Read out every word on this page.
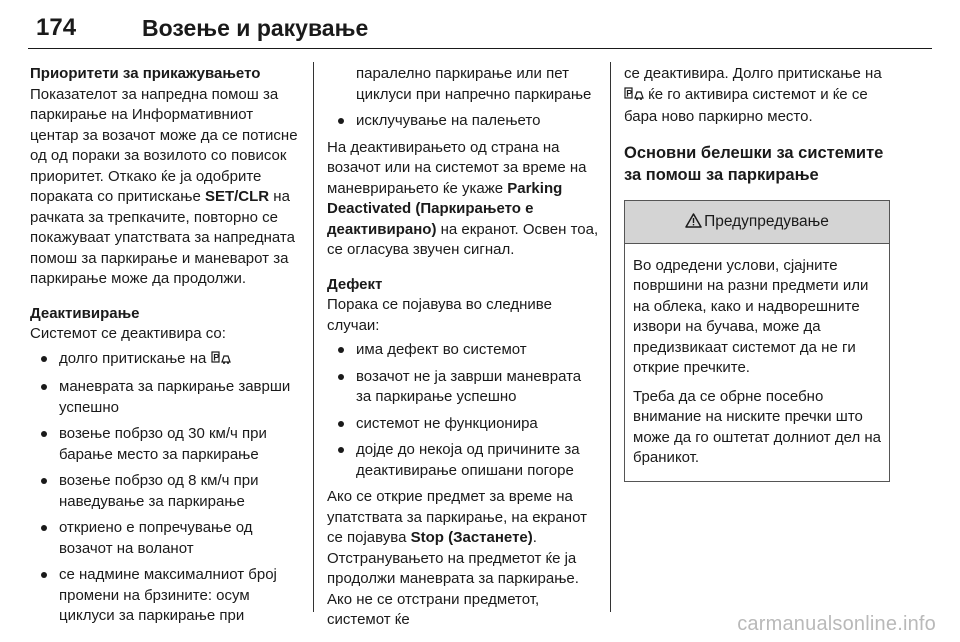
174	Возење и ракување

Приоритети за прикажувањето

Показателот за напредна помош за паркирање на Информативниот центар за возачот може да се потисне од од пораки за возилото со повисок приоритет. Откако ќе ја одобрите пораката со притискање SET/CLR на рачката за трепкачите, повторно се покажуваат упатствата за напредната помош за паркирање и маневарот за паркирање може да продолжи.

Деактивирање

Системот се деактивира со:

долго притискање на P
маневрата за паркирање заврши успешно
возење побрзо од 30 км/ч при барање место за паркирање
возење побрзо од 8 км/ч при наведување за паркирање
откриено е попречување од возачот на воланот
се надмине максималниот број промени на брзините: осум циклуси за паркирање при

паралелно паркирање или пет циклуси при напречно паркирање

исклучување на палењето

На деактивирањето од страна на возачот или на системот за време на маневрирањето ќе укаже Parking Deactivated (Паркирањето е деактивирано) на екранот. Освен тоа, се огласува звучен сигнал.

Дефект

Порака се појавува во следниве случаи:

има дефект во системот
возачот не ја заврши маневрата за паркирање успешно
системот не функционира
дојде до некоја од причините за деактивирање опишани погоре

Ако се открие предмет за време на упатствата за паркирање, на екранот се појавува Stop (Застанете). Отстранувањето на предметот ќе ја продолжи маневрата за паркирање. Ако не се отстрани предметот, системот ќе

се деактивира. Долго притискање на
P ќе го активира системот и ќе се бара ново паркирно место.

Основни белешки за системите за помош за паркирање

Предупредување

Во одредени услови, сјајните површини на разни предмети или на облека, како и надворешните извори на бучава, може да предизвикаат системот да не ги открие пречките.

Треба да се обрне посебно внимание на ниските пречки што може да го оштетат долниот дел на браникот.

carmanualsonline.info
